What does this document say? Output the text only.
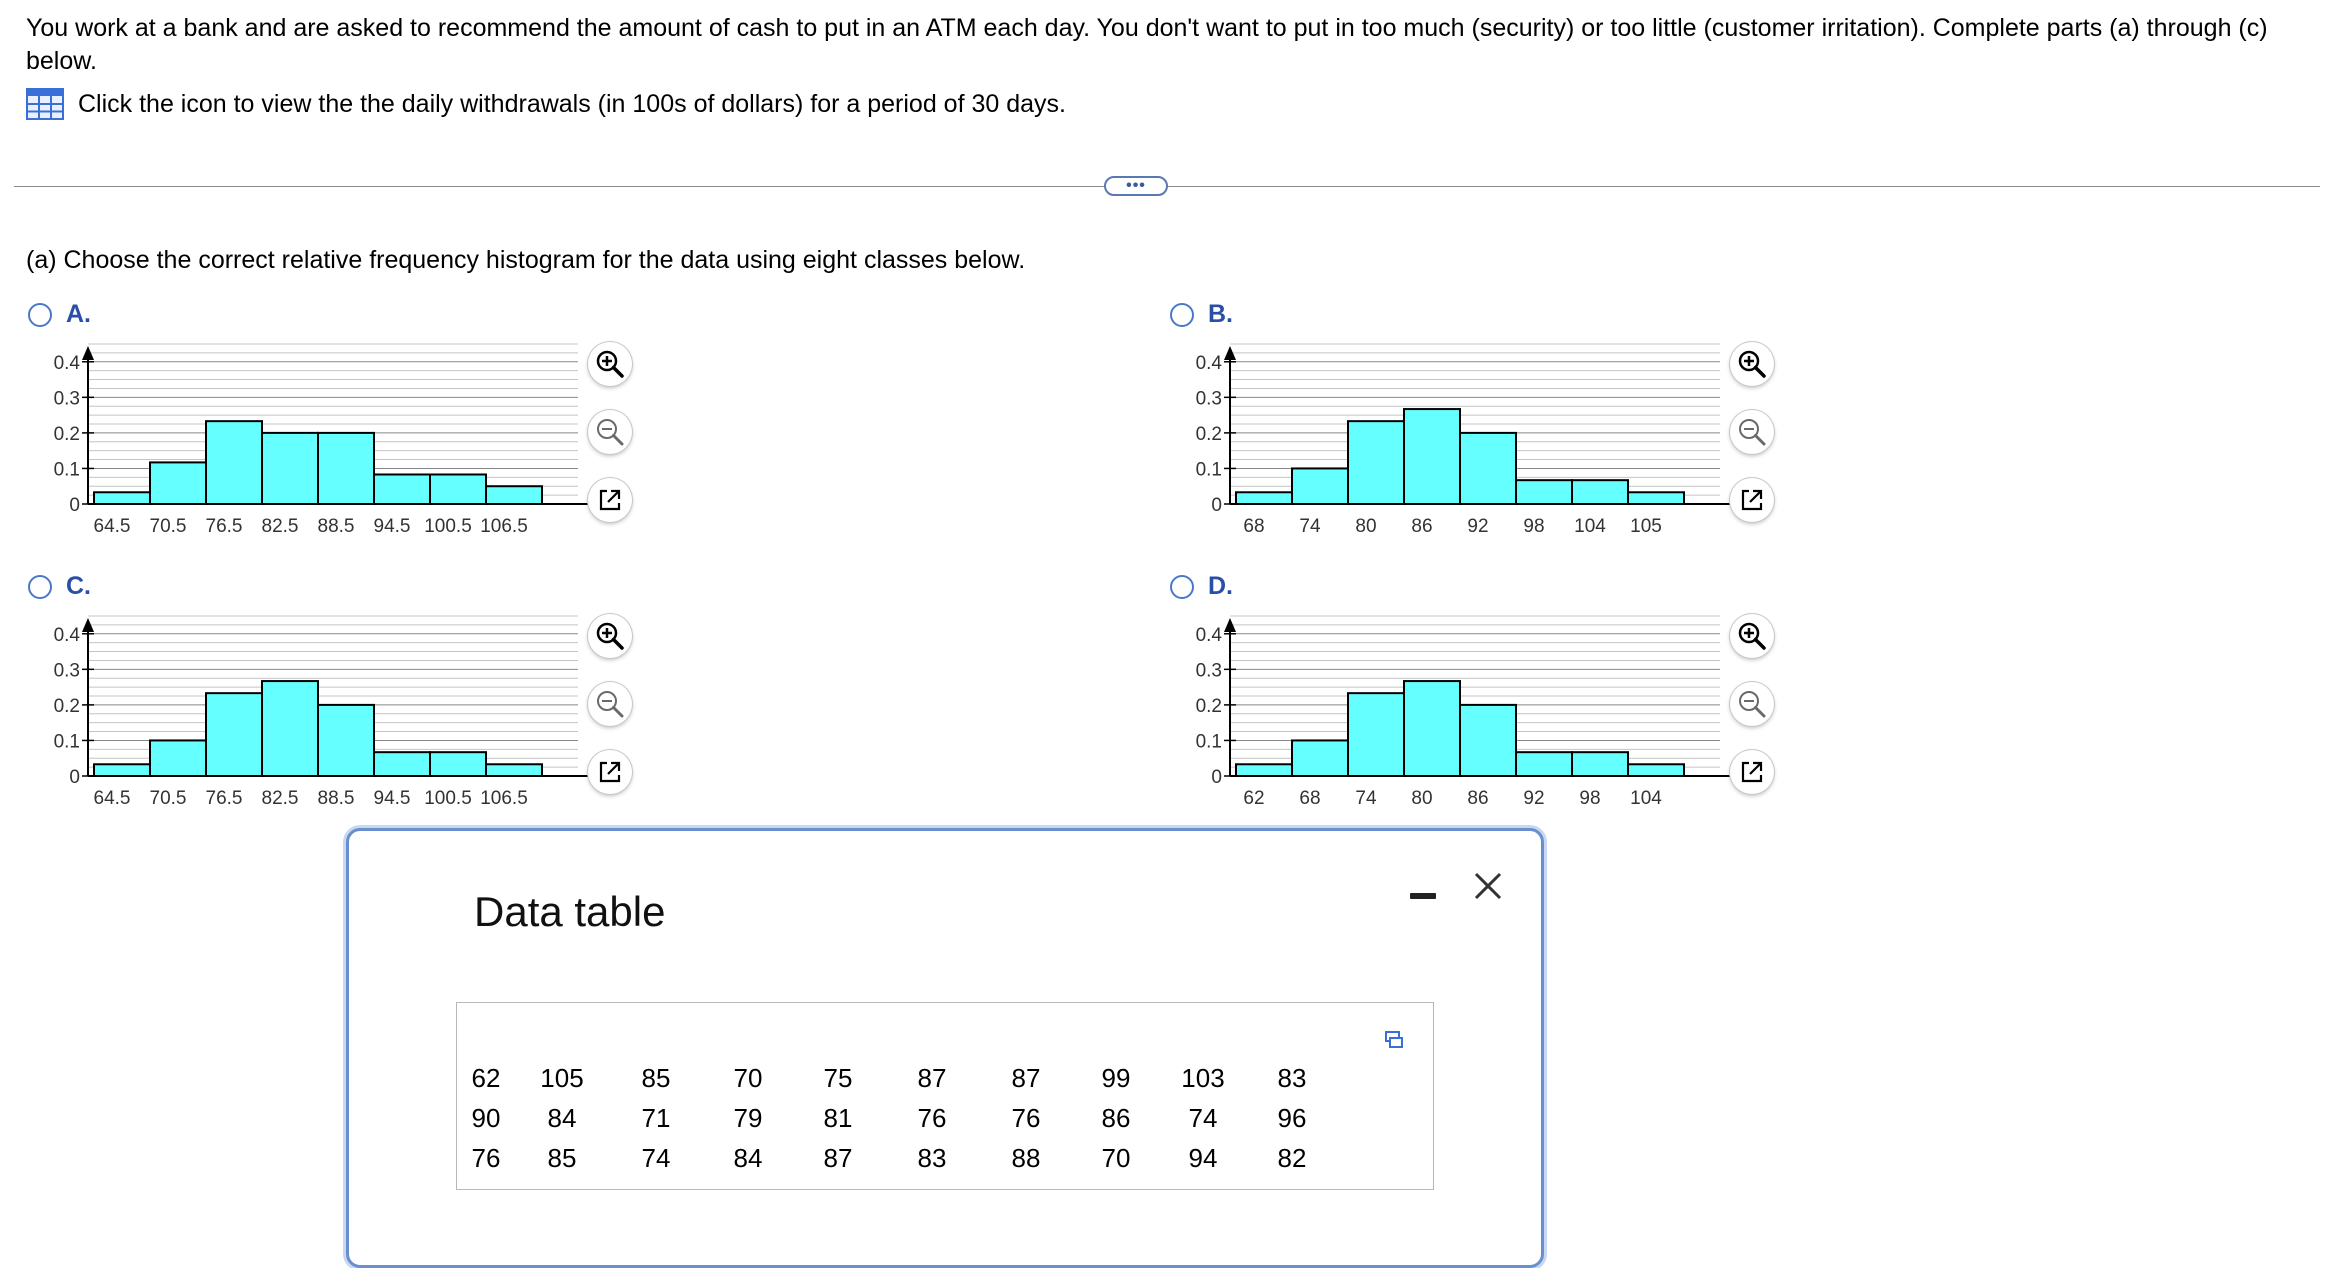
You work at a bank and are asked to recommend the amount of cash to put in an ATM each day. You don't want to put in too much (security) or too little (customer irritation). Complete parts (a) through (c) below.
Click the icon to view the the daily withdrawals (in 100s of dollars) for a period of 30 days.
•••
(a) Choose the correct relative frequency histogram for the data using eight classes below.
A.	B.
C.	D.
0
0.1
0.2
0.3
0.4
64.5 70.5 76.5 82.5 88.5 94.5 100.5 106.5
0
0.1
0.2
0.3
0.4
68 74 80 86 92 98 104 105
0
0.1
0.2
0.3
0.4
64.5 70.5 76.5 82.5 88.5 94.5 100.5 106.5
0
0.1
0.2
0.3
0.4
62 68 74 80 86 92 98 104
Data table
62	105	85	70	75	87	87	99	103	83
90	84	71	79	81	76	76	86	74	96
76	85	74	84	87	83	88	70	94	82
